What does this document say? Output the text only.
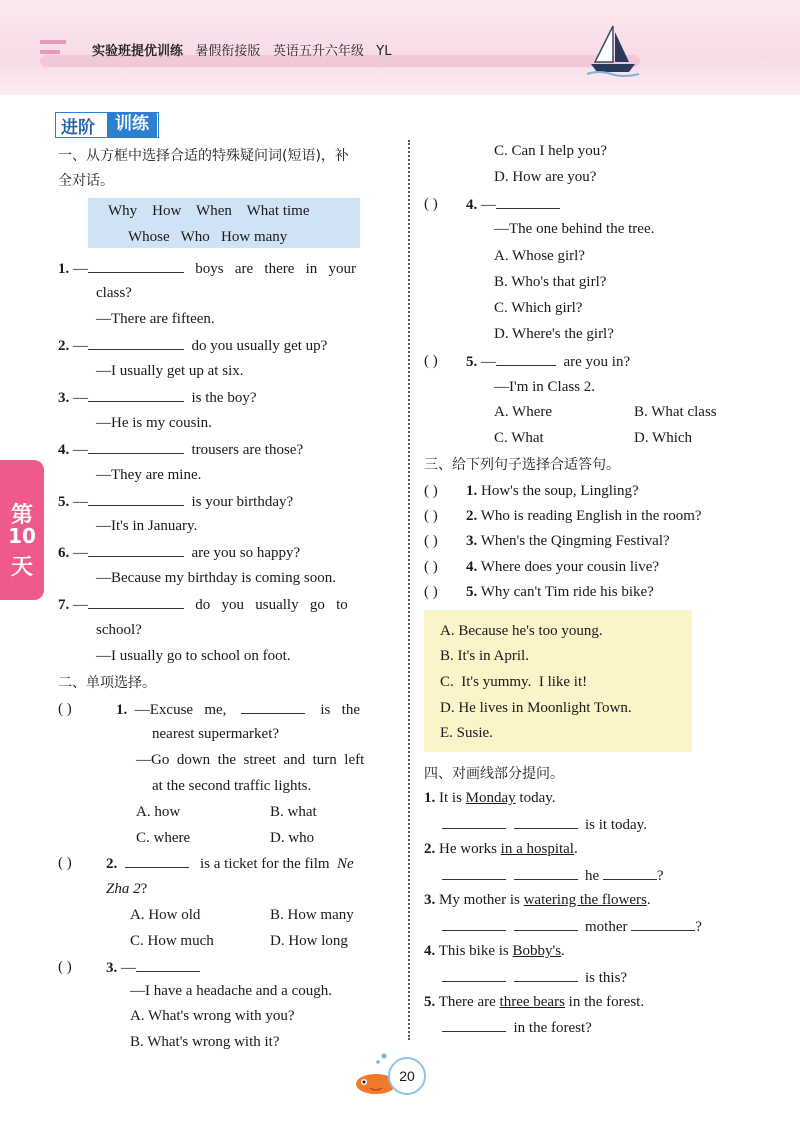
实验班提优训练 暑假衔接版 英语五升六年级 YL
进阶	训练
第
10
天
一、从方框中选择合适的特殊疑问词(短语)，补
全对话。
Why    How    When    What time
Whose   Who   How many
1. —	boys   are   there   in   your
class?
—There are fifteen.
2. —	do you usually get up?
—I usually get up at six.
3. —	is the boy?
—He is my cousin.
4. —	trousers are those?
—They are mine.
5. —	is your birthday?
—It's in January.
6. —	are you so happy?
—Because my birthday is coming soon.
7. —	do   you   usually   go   to
school?
—I usually go to school on foot.
二、单项选择。
( )	1. —Excuse   me,	is   the
nearest supermarket?
—Go  down  the  street  and  turn  left
at the second traffic lights.
A. how	B. what
C. where	D. who
( ) 2.	is a ticket for the film Ne
Zha 2?
A. How old	B. How many
C. How much	D. How long
( ) 3. —
—I have a headache and a cough.
A. What's wrong with you?
B. What's wrong with it?
C. Can I help you?
D. How are you?
( ) 4. —
—The one behind the tree.
A. Whose girl?
B. Who's that girl?
C. Which girl?
D. Where's the girl?
( ) 5. —	are you in?
—I'm in Class 2.
A. Where	B. What class
C. What	D. Which
三、给下列句子选择合适答句。
( ) 1. How's the soup, Lingling?
( ) 2. Who is reading English in the room?
( ) 3. When's the Qingming Festival?
( ) 4. Where does your cousin live?
( ) 5. Why can't Tim ride his bike?
A. Because he's too young.
B. It's in April.
C.  It's yummy.  I like it!
D. He lives in Moonlight Town.
E. Susie.
四、对画线部分提问。
1. It is Monday today.
is it today.
2. He works in a hospital.
he	?
3. My mother is watering the flowers.
mother	?
4. This bike is Bobby's.
is this?
5. There are three bears in the forest.
in the forest?
20
